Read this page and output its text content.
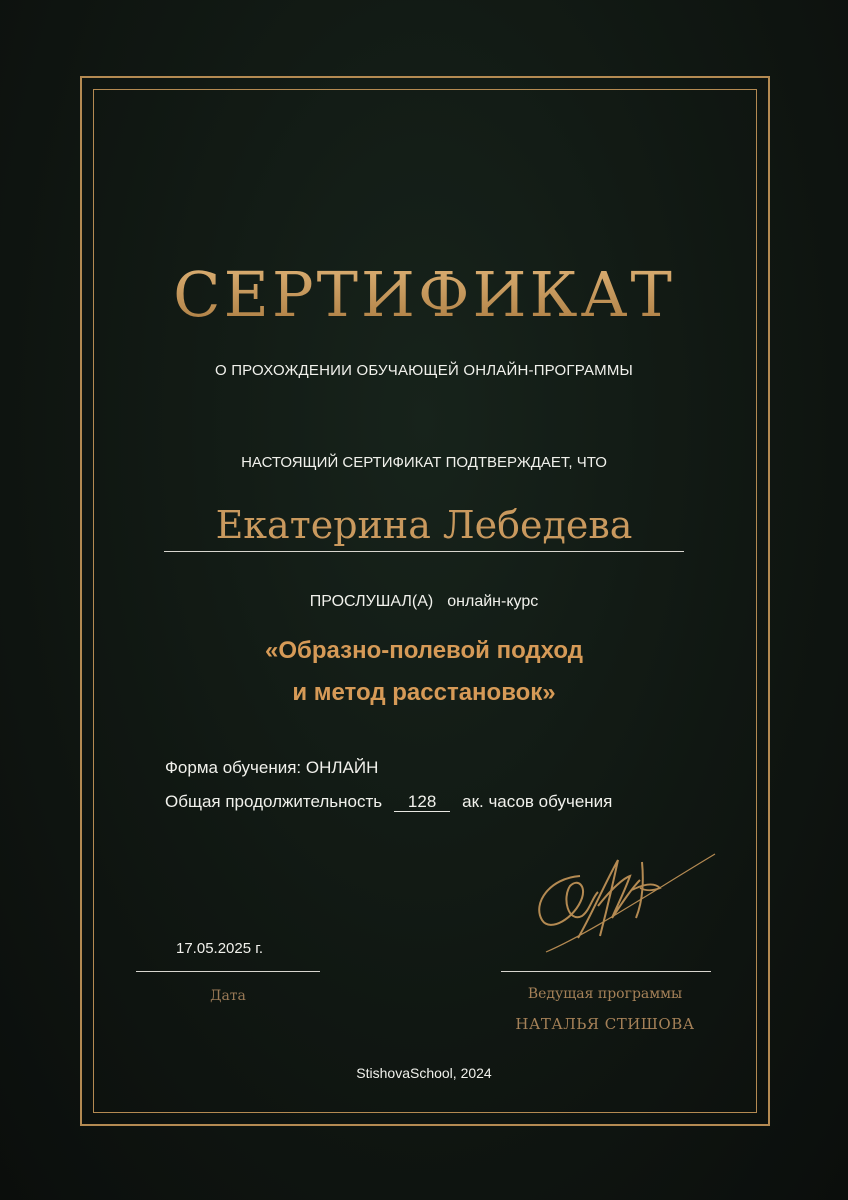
СЕРТИФИКАТ
О ПРОХОЖДЕНИИ ОБУЧАЮЩЕЙ ОНЛАЙН-ПРОГРАММЫ
НАСТОЯЩИЙ СЕРТИФИКАТ ПОДТВЕРЖДАЕТ, ЧТО
Екатерина Лебедева
ПРОСЛУШАЛ(А) онлайн-курс
«Образно-полевой подход
и метод расстановок»
Форма обучения: ОНЛАЙН
Общая продолжительность 128 ак. часов обучения
17.05.2025 г.
Дата	Ведущая программы
НАТАЛЬЯ СТИШОВА
StishovaSchool, 2024
